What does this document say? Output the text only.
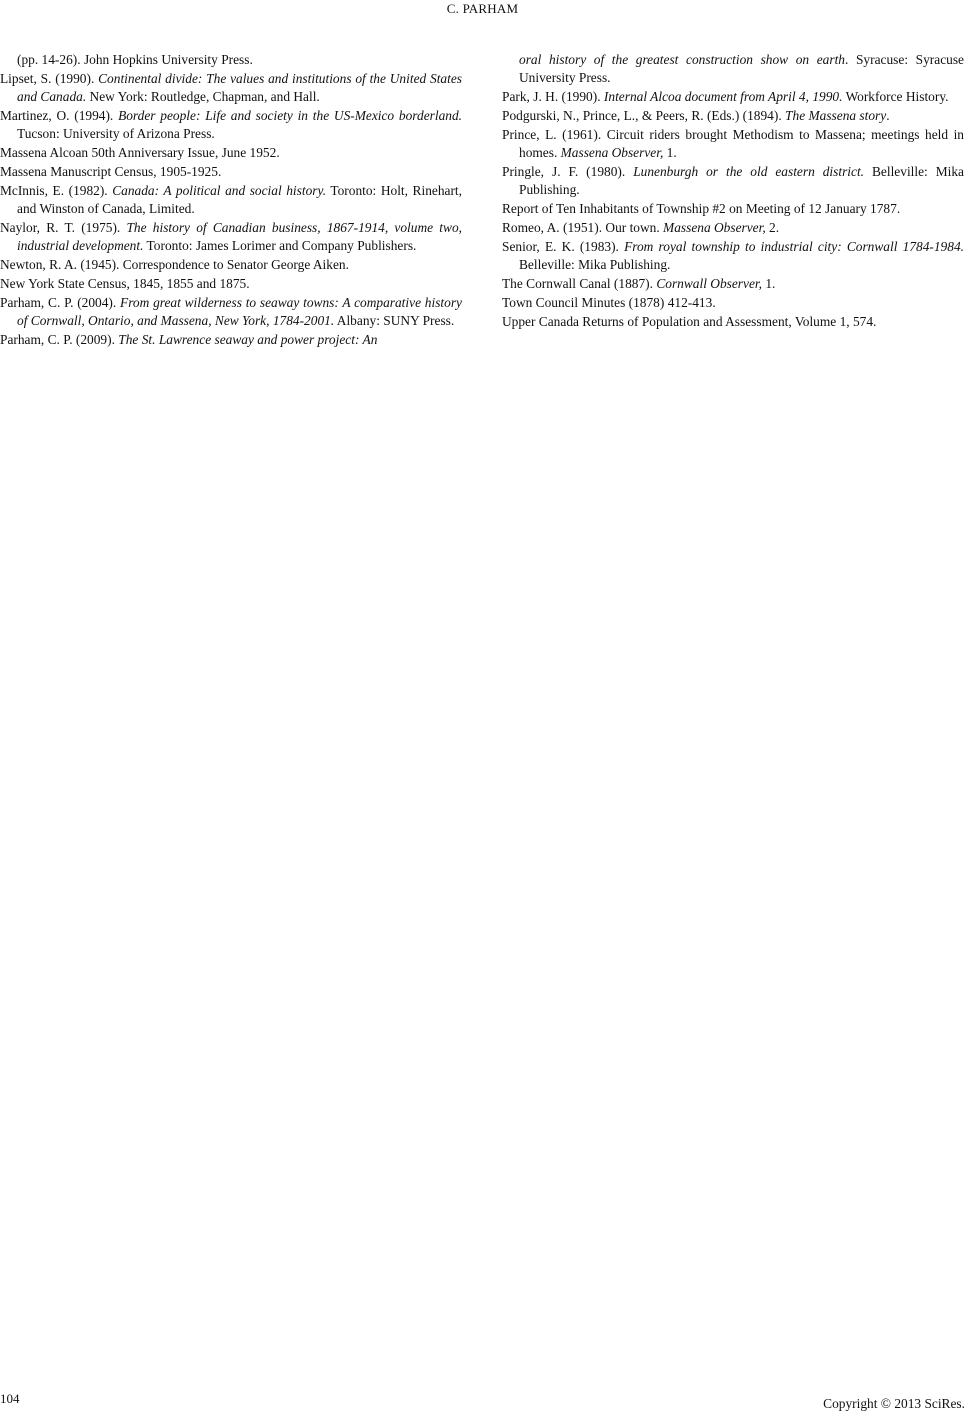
C. PARHAM

(pp. 14-26). John Hopkins University Press.

Lipset, S. (1990). Continental divide: The values and institutions of the United States and Canada. New York: Routledge, Chapman, and Hall.

Martinez, O. (1994). Border people: Life and society in the US-Mexico borderland. Tucson: University of Arizona Press.

Massena Alcoan 50th Anniversary Issue, June 1952.

Massena Manuscript Census, 1905-1925.

McInnis, E. (1982). Canada: A political and social history. Toronto: Holt, Rinehart, and Winston of Canada, Limited.

Naylor, R. T. (1975). The history of Canadian business, 1867-1914, volume two, industrial development. Toronto: James Lorimer and Company Publishers.

Newton, R. A. (1945). Correspondence to Senator George Aiken.

New York State Census, 1845, 1855 and 1875.

Parham, C. P. (2004). From great wilderness to seaway towns: A comparative history of Cornwall, Ontario, and Massena, New York, 1784-2001. Albany: SUNY Press.

Parham, C. P. (2009). The St. Lawrence seaway and power project: An

oral history of the greatest construction show on earth. Syracuse: Syracuse University Press.

Park, J. H. (1990). Internal Alcoa document from April 4, 1990. Workforce History.

Podgurski, N., Prince, L., & Peers, R. (Eds.) (1894). The Massena story.

Prince, L. (1961). Circuit riders brought Methodism to Massena; meetings held in homes. Massena Observer, 1.

Pringle, J. F. (1980). Lunenburgh or the old eastern district. Belleville: Mika Publishing.

Report of Ten Inhabitants of Township #2 on Meeting of 12 January 1787.

Romeo, A. (1951). Our town. Massena Observer, 2.

Senior, E. K. (1983). From royal township to industrial city: Cornwall 1784-1984. Belleville: Mika Publishing.

The Cornwall Canal (1887). Cornwall Observer, 1.

Town Council Minutes (1878) 412-413.

Upper Canada Returns of Population and Assessment, Volume 1, 574.

104	Copyright © 2013 SciRes.
